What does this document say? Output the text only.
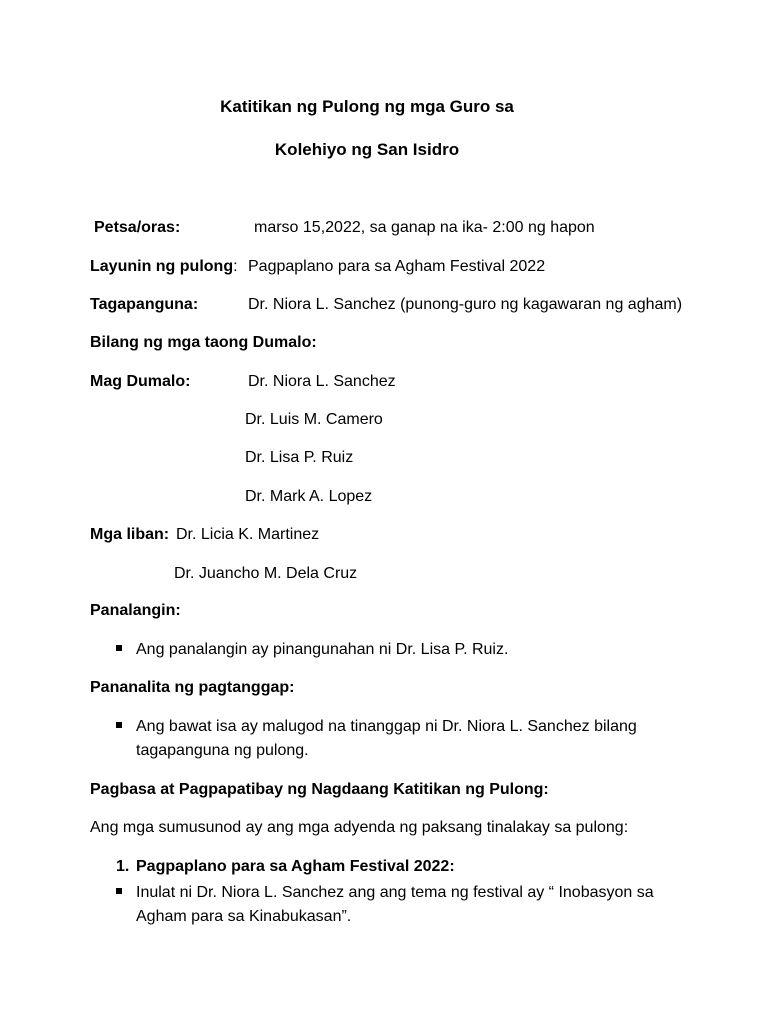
Katitikan ng Pulong ng mga Guro sa
Kolehiyo ng San Isidro
Petsa/oras:	marso 15,2022, sa ganap na ika- 2:00 ng hapon
Layunin ng pulong: Pagpaplano para sa Agham Festival 2022
Tagapanguna:	Dr. Niora L. Sanchez (punong-guro ng kagawaran ng agham)
Bilang ng mga taong Dumalo:
Mag Dumalo:	Dr. Niora L. Sanchez
Dr. Luis M. Camero
Dr. Lisa P. Ruiz
Dr. Mark A. Lopez
Mga liban: Dr. Licia K. Martinez
Dr. Juancho M. Dela Cruz
Panalangin:
Ang panalangin ay pinangunahan ni Dr. Lisa P. Ruiz.
Pananalita ng pagtanggap:
Ang bawat isa ay malugod na tinanggap ni Dr. Niora L. Sanchez bilang
tagapanguna ng pulong.
Pagbasa at Pagpapatibay ng Nagdaang Katitikan ng Pulong:
Ang mga sumusunod ay ang mga adyenda ng paksang tinalakay sa pulong:
1. Pagpaplano para sa Agham Festival 2022:
Inulat ni Dr. Niora L. Sanchez ang ang tema ng festival ay “ Inobasyon sa
Agham para sa Kinabukasan”.
